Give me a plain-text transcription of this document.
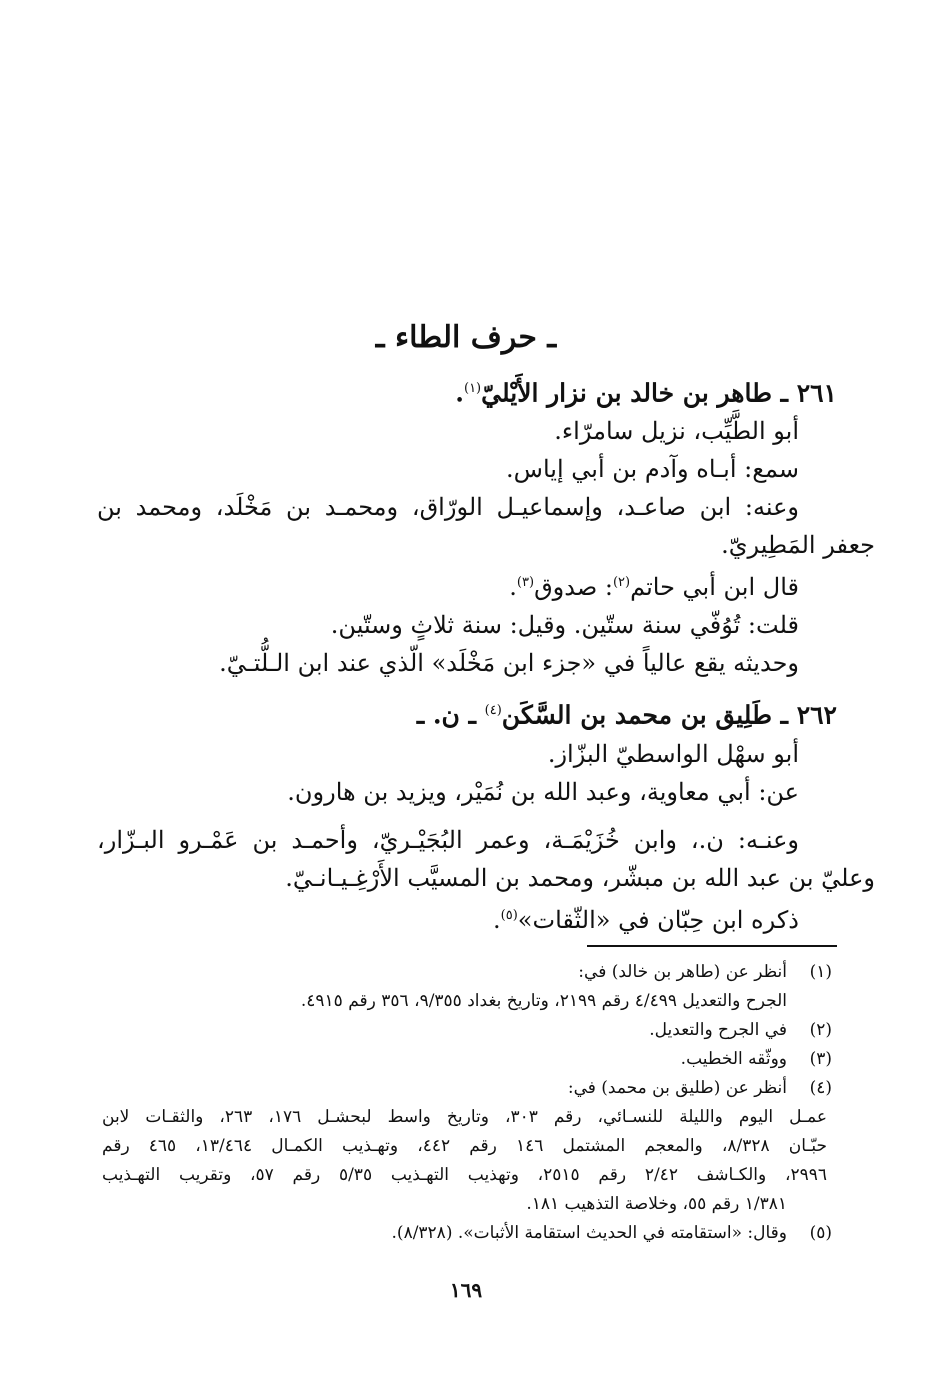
ـ حرف الطاء ـ
٢٦١ ـ طاهر بن خالد بن نزار الأَيْليّ$^{(١)}$.
أبو الطَّيِّب، نزيل سامرّاء.
سمع: أبـاه وآدم بن أبي إياس.
وعنه: ابن صاعـد، وإسماعيـل الورّاق، ومحمـد بن مَخْلَد، ومحمد بن
جعفر المَطِيريّ.
قال ابن أبي حاتم$^{(٢)}$: صدوق$^{(٣)}$.
قلت: تُوُفّي سنة ستّين. وقيل: سنة ثلاثٍ وستّين.
وحديثه يقع عالياً في «جزء ابن مَخْلَد» الّذي عند ابن الـلُّتـيّ.
٢٦٢ ـ طَلِيق بن محمد بن السَّكَن$^{(٤)}$ ـ ن. ـ
أبو سهْل الواسطيّ البزّاز.
عن: أبي معاوية، وعبد الله بن نُمَيْر، ويزيد بن هارون.
وعنـه: ن.، وابن خُزَيْمَـة، وعمر البُجَيْـريّ، وأحمـد بن عَمْـرو البـزّار،
وعليّ بن عبد الله بن مبشّر، ومحمد بن المسيَّب الأَرْغِـيـانـيّ.
ذكره ابن حِبّان في «الثّقات»$^{(٥)}$.
(١)
أنظر عن (طاهر بن خالد) في:
الجرح والتعديل ٤/٤٩٩ رقم ٢١٩٩، وتاريخ بغداد ٩/٣٥٥، ٣٥٦ رقم ٤٩١٥.
(٢)
في الجرح والتعديل.
(٣)
ووثّقه الخطيب.
(٤)
أنظر عن (طليق بن محمد) في:
عمـل اليوم والليلة للنسـائي، رقم ٣٠٣، وتاريخ واسط لبحشـل ١٧٦، ٢٦٣، والثقـات لابن
حبّـان ٨/٣٢٨، والمعجم المشتمل ١٤٦ رقم ٤٤٢، وتهـذيب الكمـال ١٣/٤٦٤، ٤٦٥ رقم
٢٩٩٦، والكـاشف ٢/٤٢ رقم ٢٥١٥، وتهذيب التهـذيب ٥/٣٥ رقم ٥٧، وتقريب التهـذيب
١/٣٨١ رقم ٥٥، وخلاصة التذهيب ١٨١.
(٥)
وقال: «استقامته في الحديث استقامة الأثبات». (٨/٣٢٨).
١٦٩
